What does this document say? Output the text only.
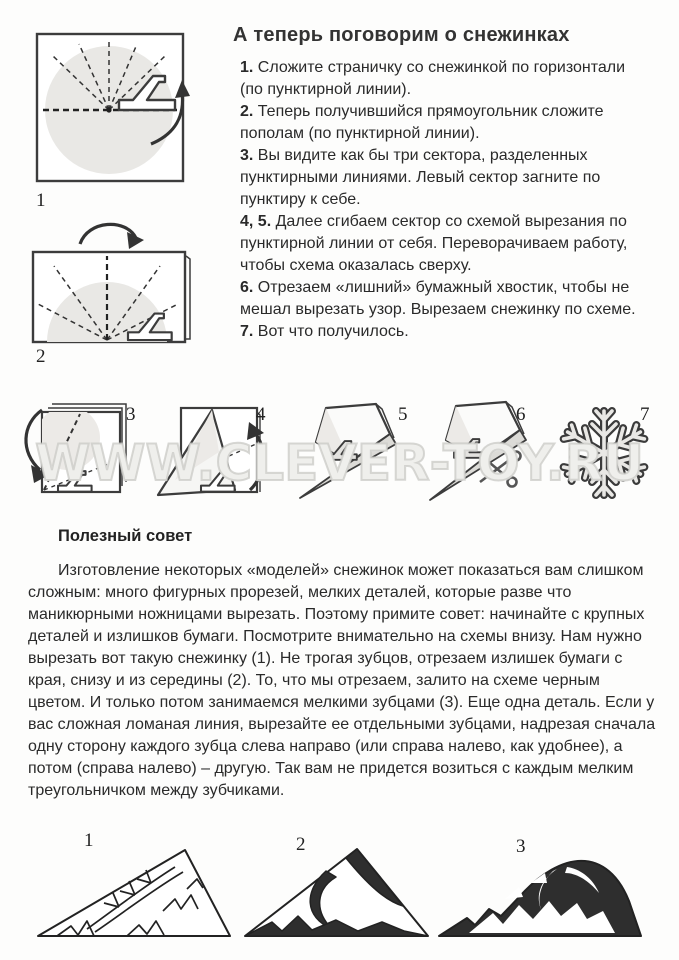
А теперь поговорим о снежинках

1. Сложите страничку со снежинкой по горизонтали (по пунктирной линии).

2. Теперь получившийся прямоугольник сложите пополам (по пунктирной линии).

3. Вы видите как бы три сектора, разделенных пунктирными линиями. Левый сектор загните по пунктиру к себе.

4, 5. Далее сгибаем сектор со схемой вырезания по пунктирной линии от себя. Переворачиваем работу, чтобы схема оказалась сверху.

6. Отрезаем «лишний» бумажный хвостик, чтобы не мешал вырезать узор. Вырезаем снежинку по схеме.

7. Вот что получилось.

1
2
3	4	5	6	7
WWW.CLEVER-TOY.RU
Полезный совет

Изготовление некоторых «моделей» снежинок может показаться вам слишком сложным: много фигурных прорезей, мелких деталей, которые разве что маникюрными ножницами вырезать. Поэтому примите совет: начинайте с крупных деталей и излишков бумаги. Посмотрите внимательно на схемы внизу. Нам нужно вырезать вот такую снежинку (1). Не трогая зубцов, отрезаем излишек бумаги с края, снизу и из середины (2). То, что мы отрезаем, залито на схеме черным цветом. И только потом занимаемся мелкими зубцами (3). Еще одна деталь. Если у вас сложная ломаная линия, вырезайте ее отдельными зубцами, надрезая сначала одну сторону каждого зубца слева направо (или справа налево, как удобнее), а потом (справа налево) – другую. Так вам не придется возиться с каждым мелким треугольничком между зубчиками.

1	2	3
